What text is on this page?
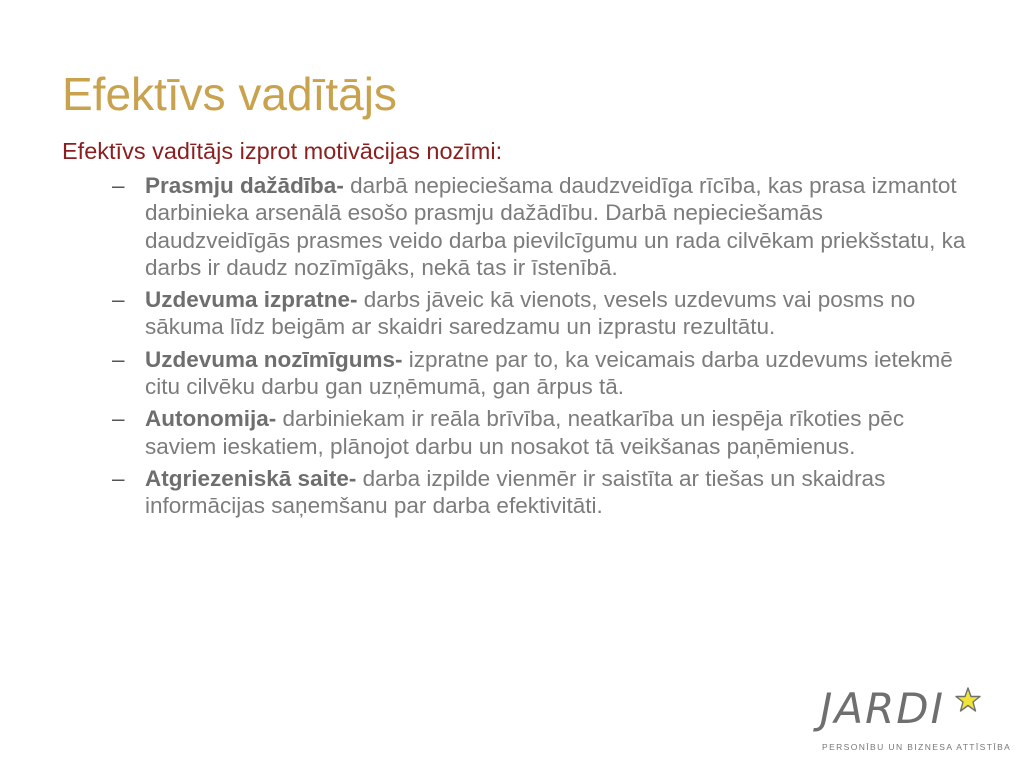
Efektīvs vadītājs

Efektīvs vadītājs izprot motivācijas nozīmi:

– Prasmju dažādība- darbā nepieciešama daudzveidīga rīcība, kas prasa izmantot darbinieka arsenālā esošo prasmju dažādību. Darbā nepieciešamās daudzveidīgās prasmes veido darba pievilcīgumu un rada cilvēkam priekšstatu, ka darbs ir daudz nozīmīgāks, nekā tas ir īstenībā.
– Uzdevuma izpratne- darbs jāveic kā vienots, vesels uzdevums vai posms no sākuma līdz beigām ar skaidri saredzamu un izprastu rezultātu.
– Uzdevuma nozīmīgums- izpratne par to, ka veicamais darba uzdevums ietekmē citu cilvēku darbu gan uzņēmumā, gan ārpus tā.
– Autonomija- darbiniekam ir reāla brīvība, neatkarība un iespēja rīkoties pēc saviem ieskatiem, plānojot darbu un nosakot tā veikšanas paņēmienus.
– Atgriezeniskā saite- darba izpilde vienmēr ir saistīta ar tiešas un skaidras informācijas saņemšanu par darba efektivitāti.
JARDI
PERSONĪBU UN BIZNESA ATTĪSTĪBA
